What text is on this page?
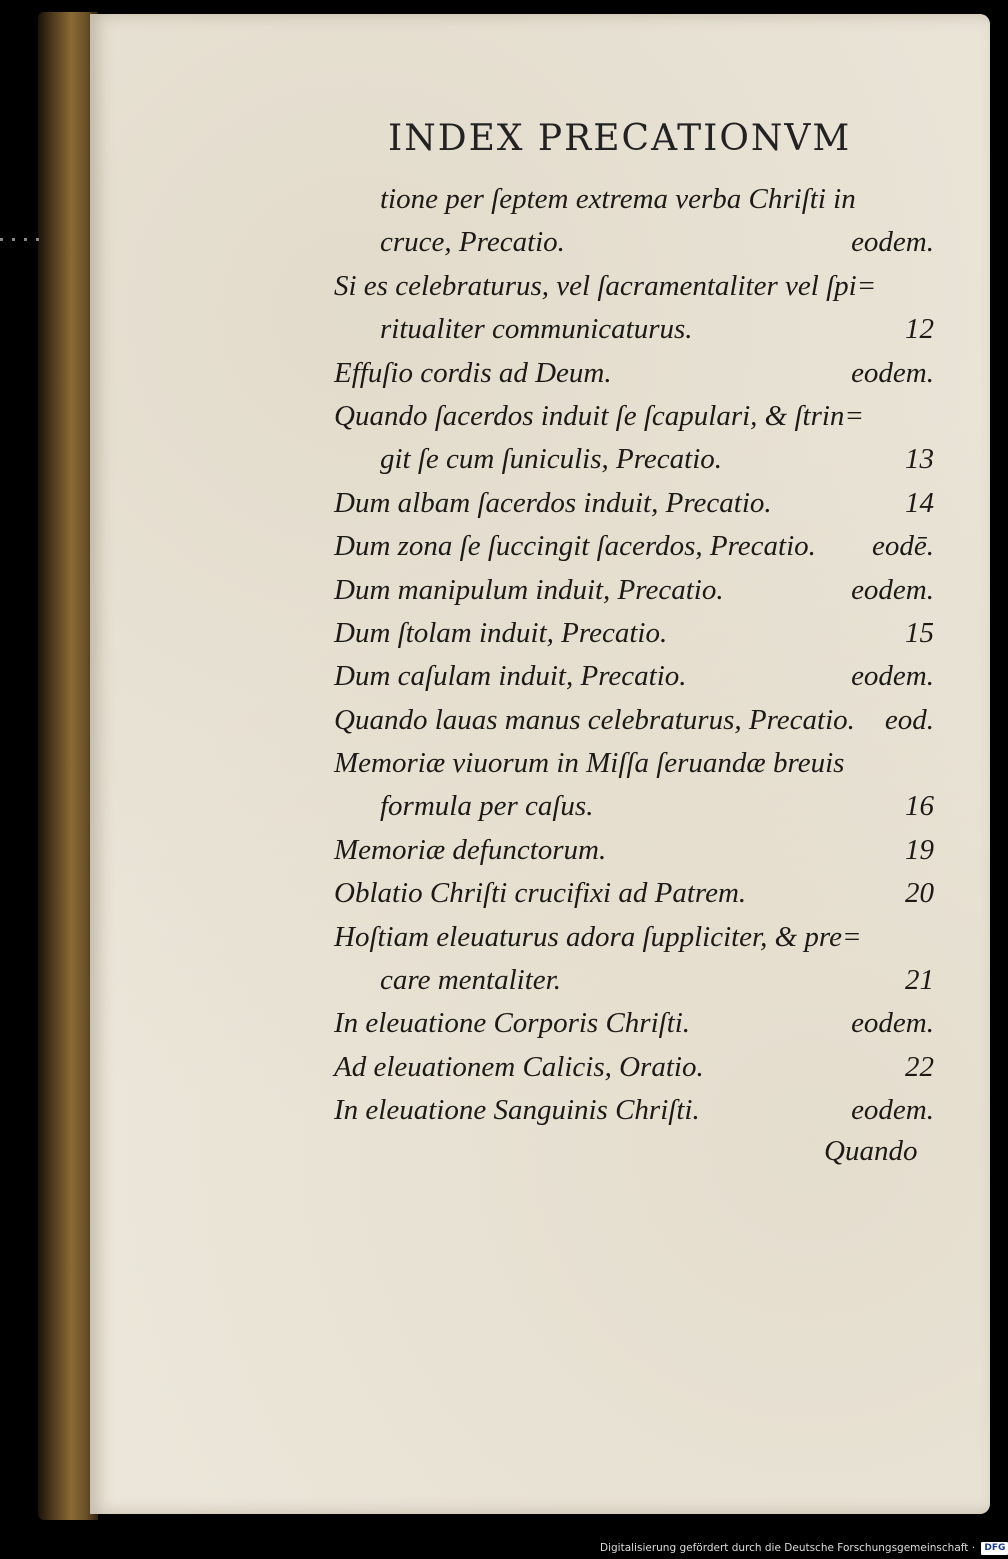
INDEX PRECATIONVM
tione per ſeptem extrema verba Chriſti in
cruce, Precatio.	eodem.
Si es celebraturus, vel ſacramentaliter vel ſpi=
ritualiter communicaturus.	12
Effuſio cordis ad Deum.	eodem.
Quando ſacerdos induit ſe ſcapulari, & ſtrin=
git ſe cum ſuniculis, Precatio.	13
Dum albam ſacerdos induit, Precatio.	14
Dum zona ſe ſuccingit ſacerdos, Precatio. eodē.
Dum manipulum induit, Precatio.	eodem.
Dum ſtolam induit, Precatio.	15
Dum caſulam induit, Precatio.	eodem.
Quando lauas manus celebraturus, Precatio. eod.
Memoriæ viuorum in Miſſa ſeruandæ breuis
formula per caſus.	16
Memoriæ defunctorum.	19
Oblatio Chriſti crucifixi ad Patrem.	20
Hoſtiam eleuaturus adora ſuppliciter, & pre=
care mentaliter.	21
In eleuatione Corporis Chriſti.	eodem.
Ad eleuationem Calicis, Oratio.	22
In eleuatione Sanguinis Chriſti.	eodem.
Quando
Digitalisierung gefördert durch die Deutsche Forschungsgemeinschaft · DFG
